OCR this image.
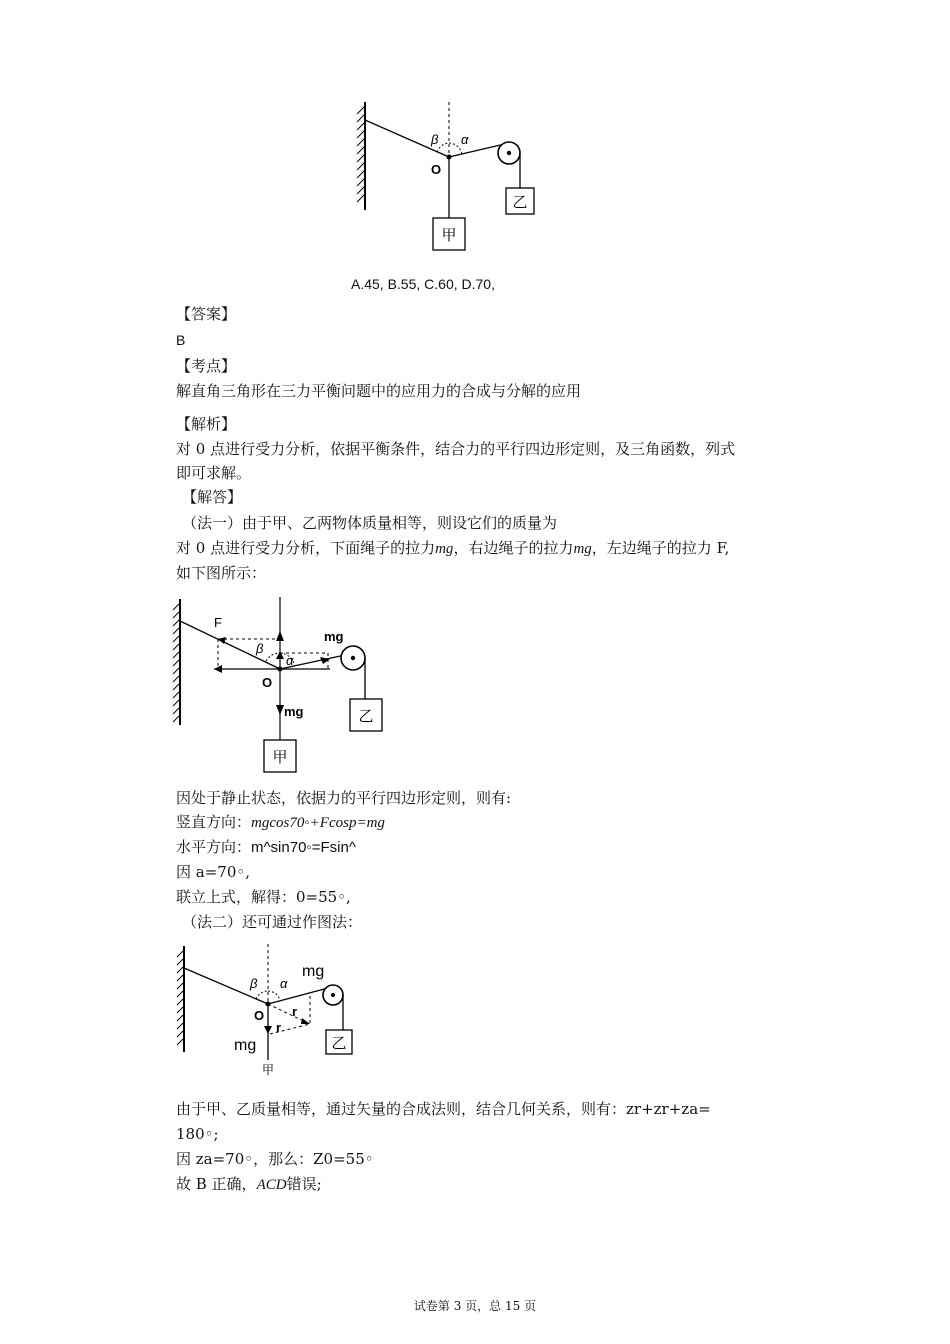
β α
O
乙
甲
A.45, B.55, C.60, D.70,
【答案】
B
【考点】
解直角三角形在三力平衡问题中的应用力的合成与分解的应用
【解析】
对 0 点进行受力分析，依据平衡条件，结合力的平行四边形定则，及三角函数，列式
即可求解。
【解答】
（法一）由于甲、乙两物体质量相等，则设它们的质量为
对 0 点进行受力分析，下面绳子的拉力mg，右边绳子的拉力mg，左边绳子的拉力 F,
如下图所示：
F
β
α
mg
O
mg	乙
甲
因处于静止状态，依据力的平行四边形定则，则有:
竖直方向：mgcos70◦+Fcosp=mg
水平方向：m^sin70◦=Fsin^
因 a=70◦,
联立上式，解得：0=55◦,
（法二）还可通过作图法：
β α
mg
O r
r
mg	乙
甲
由于甲、乙质量相等，通过矢量的合成法则，结合几何关系，则有：zr+zr+za=
180◦;
因 za=70◦，那么：Z0=55◦
故 B 正确，ACD错误;
试卷第 3 页，总 15 页
